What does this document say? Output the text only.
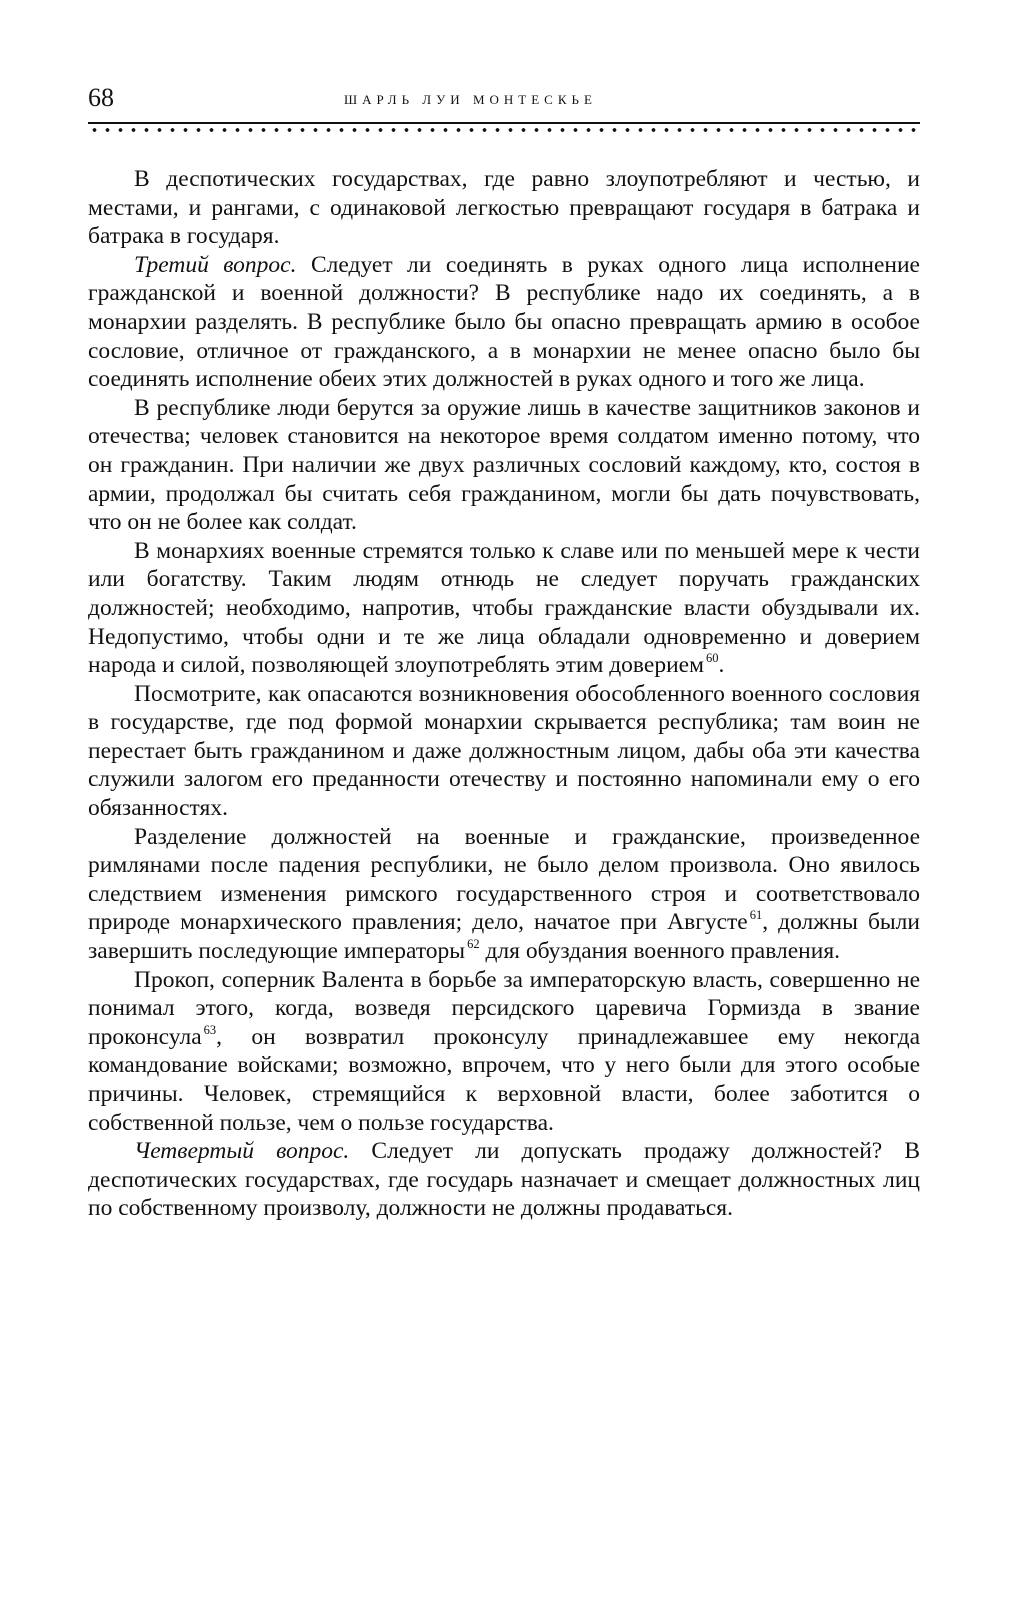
68	ШАРЛЬ ЛУИ МОНТЕСКЬЕ

В деспотических государствах, где равно злоупотребляют и честью, и местами, и рангами, с одинаковой легкостью превращают государя в батрака и батрака в государя.

Третий вопрос. Следует ли соединять в руках одного лица исполнение гражданской и военной должности? В республике надо их соединять, а в монархии разделять. В республике было бы опасно превращать армию в особое сословие, отличное от гражданского, а в монархии не менее опасно было бы соединять исполнение обеих этих должностей в руках одного и того же лица.

В республике люди берутся за оружие лишь в качестве защитников законов и отечества; человек становится на некоторое время солдатом именно потому, что он гражданин. При наличии же двух различных сословий каждому, кто, состоя в армии, продолжал бы считать себя гражданином, могли бы дать почувствовать, что он не более как солдат.

В монархиях военные стремятся только к славе или по меньшей мере к чести или богатству. Таким людям отнюдь не следует поручать гражданских должностей; необходимо, напротив, чтобы гражданские власти обуздывали их. Недопустимо, чтобы одни и те же лица обладали одновременно и доверием народа и силой, позволяющей злоупотреблять этим доверием $^{60}$.

Посмотрите, как опасаются возникновения обособленного военного сословия в государстве, где под формой монархии скрывается республика; там воин не перестает быть гражданином и даже должностным лицом, дабы оба эти качества служили залогом его преданности отечеству и постоянно напоминали ему о его обязанностях.

Разделение должностей на военные и гражданские, произведенное римлянами после падения республики, не было делом произвола. Оно явилось следствием изменения римского государственного строя и соответствовало природе монархического правления; дело, начатое при Августе $^{61}$, должны были завершить последующие императоры $^{62}$ для обуздания военного правления.

Прокоп, соперник Валента в борьбе за императорскую власть, совершенно не понимал этого, когда, возведя персидского царевича Гормизда в звание проконсула $^{63}$, он возвратил проконсулу принадлежавшее ему некогда командование войсками; возможно, впрочем, что у него были для этого особые причины. Человек, стремящийся к верховной власти, более заботится о собственной пользе, чем о пользе государства.

Четвертый вопрос. Следует ли допускать продажу должностей? В деспотических государствах, где государь назначает и смещает должностных лиц по собственному произволу, должности не должны продаваться.
